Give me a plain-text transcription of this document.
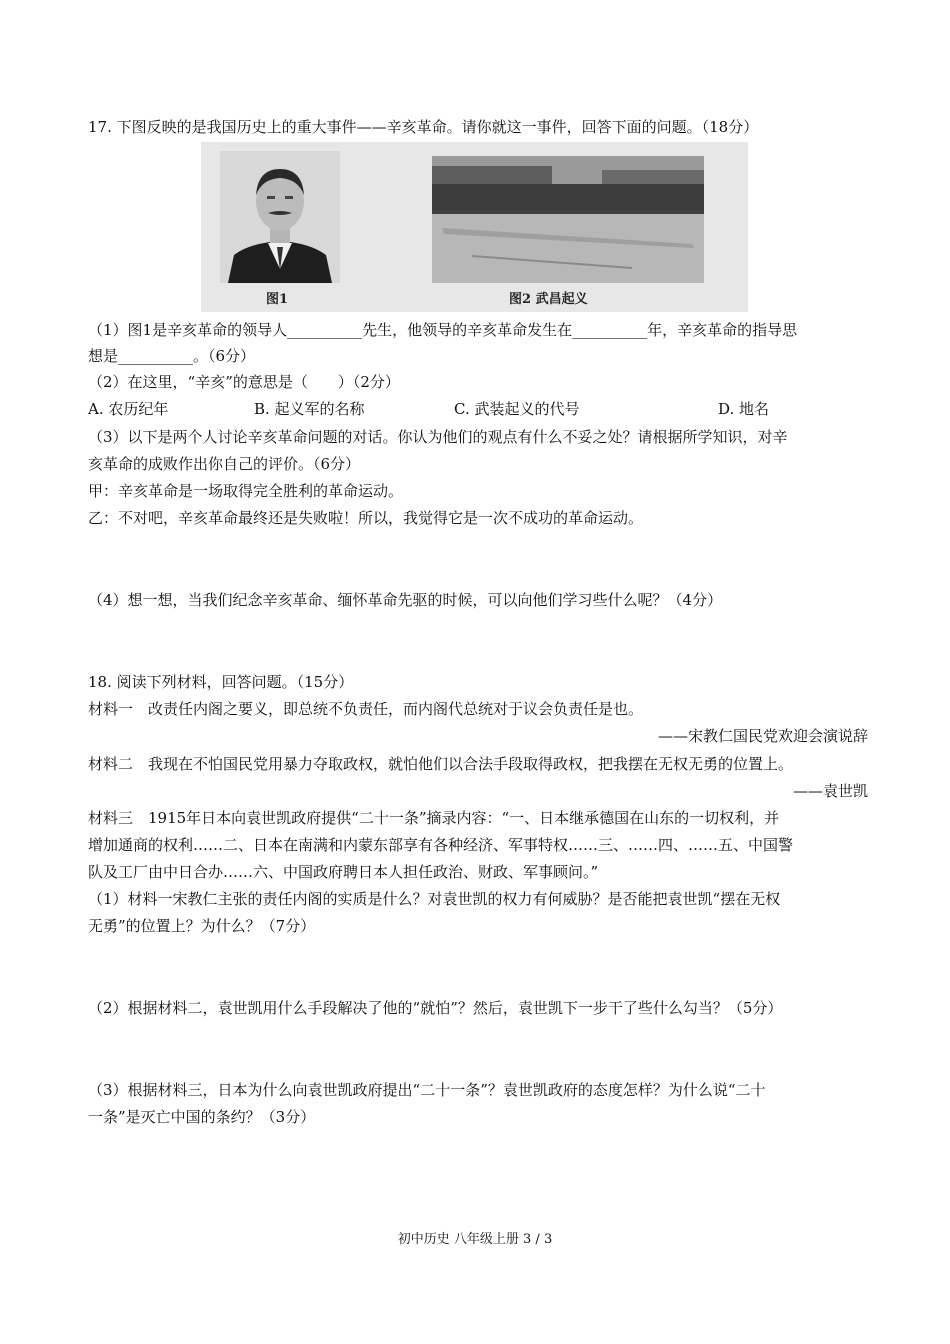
17. 下图反映的是我国历史上的重大事件——辛亥革命。请你就这一事件，回答下面的问题。（18分）
图1	图2 武昌起义
（1）图1是辛亥革命的领导人__________先生，他领导的辛亥革命发生在__________年，辛亥革命的指导思
想是__________。（6分）
（2）在这里，“辛亥”的意思是（　　）（2分）
A. 农历纪年	B. 起义军的名称	C. 武装起义的代号	D. 地名
（3）以下是两个人讨论辛亥革命问题的对话。你认为他们的观点有什么不妥之处？请根据所学知识，对辛
亥革命的成败作出你自己的评价。（6分）
甲：辛亥革命是一场取得完全胜利的革命运动。
乙：不对吧，辛亥革命最终还是失败啦！所以，我觉得它是一次不成功的革命运动。
（4）想一想，当我们纪念辛亥革命、缅怀革命先驱的时候，可以向他们学习些什么呢？（4分）
18. 阅读下列材料，回答问题。（15分）
材料一　改责任内阁之要义，即总统不负责任，而内阁代总统对于议会负责任是也。
——宋教仁国民党欢迎会演说辞
材料二　我现在不怕国民党用暴力夺取政权，就怕他们以合法手段取得政权，把我摆在无权无勇的位置上。
——袁世凯
材料三　1915年日本向袁世凯政府提供“二十一条”摘录内容：“一、日本继承德国在山东的一切权利，并
增加通商的权利……二、日本在南满和内蒙东部享有各种经济、军事特权……三、……四、……五、中国警
队及工厂由中日合办……六、中国政府聘日本人担任政治、财政、军事顾问。”
（1）材料一宋教仁主张的责任内阁的实质是什么？对袁世凯的权力有何威胁？是否能把袁世凯“摆在无权
无勇”的位置上？为什么？（7分）
（2）根据材料二，袁世凯用什么手段解决了他的“就怕”？然后，袁世凯下一步干了些什么勾当？（5分）
（3）根据材料三，日本为什么向袁世凯政府提出“二十一条”？袁世凯政府的态度怎样？为什么说“二十
一条”是灭亡中国的条约？（3分）
初中历史 八年级上册 3 / 3
